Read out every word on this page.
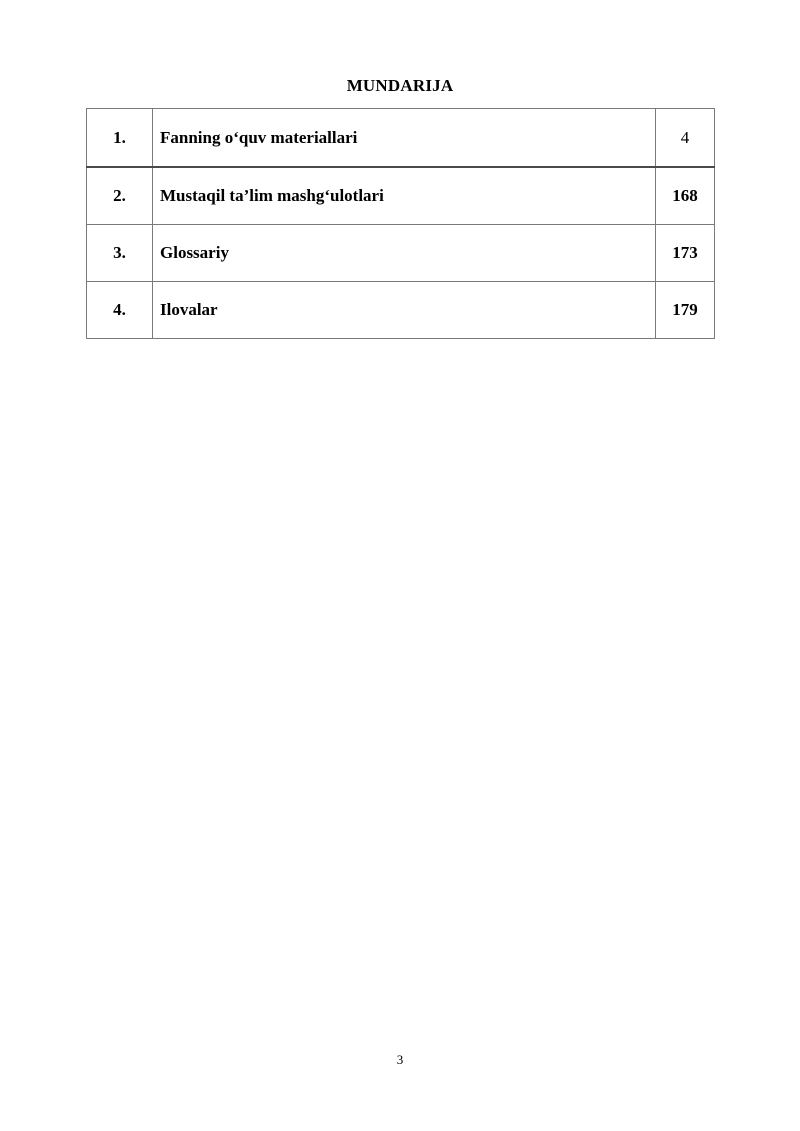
MUNDARIJA
1.	Fanning o‘quv materiallari	4
2.	Mustaqil ta’lim mashg‘ulotlari	168
3.	Glossariy	173
4.	Ilovalar	179
3
